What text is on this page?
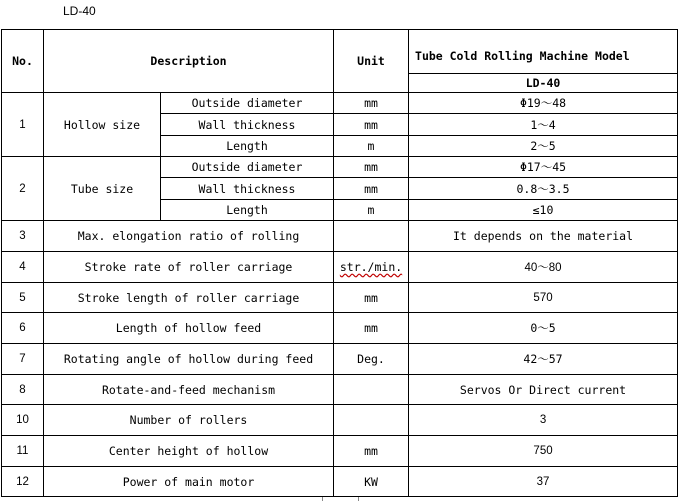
LD-40
No.	Description		Unit	Tube Cold Rolling Machine Model
				LD-40
1	Hollow size	Outside diameter	mm	Φ19～48
		Wall thickness	mm	1～4
		Length	m	2～5
2	Tube size	Outside diameter	mm	Φ17～45
		Wall thickness	mm	0.8～3.5
		Length	m	≤10
3	Max. elongation ratio of rolling			It depends on the material
4	Stroke rate of roller carriage		str./min.	40～80
5	Stroke length of roller carriage		mm	570
6	Length of hollow feed		mm	0～5
7	Rotating angle of hollow during feed		Deg.	42～57
8	Rotate-and-feed mechanism			Servos Or Direct current
10	Number of rollers			3
11	Center height of hollow		mm	750
12	Power of main motor		KW	37
